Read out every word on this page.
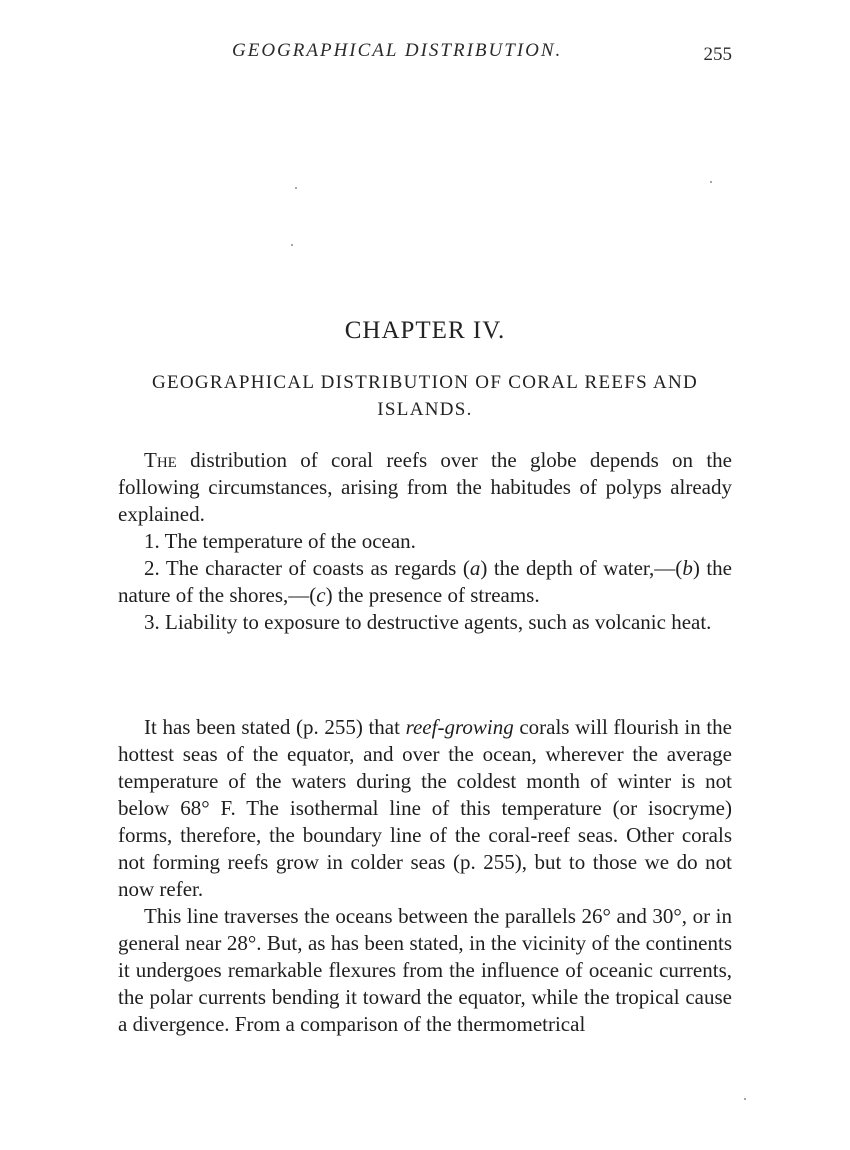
GEOGRAPHICAL DISTRIBUTION.	255
CHAPTER IV.
GEOGRAPHICAL DISTRIBUTION OF CORAL REEFS AND ISLANDS.

The distribution of coral reefs over the globe depends on the following circumstances, arising from the habitudes of polyps already explained.

1. The temperature of the ocean.

2. The character of coasts as regards (a) the depth of water,—(b) the nature of the shores,—(c) the presence of streams.

3. Liability to exposure to destructive agents, such as volcanic heat.

It has been stated (p. 255) that reef-growing corals will flourish in the hottest seas of the equator, and over the ocean, wherever the average temperature of the waters during the coldest month of winter is not below 68° F. The isothermal line of this temperature (or isocryme) forms, therefore, the boundary line of the coral-reef seas. Other corals not forming reefs grow in colder seas (p. 255), but to those we do not now refer.

This line traverses the oceans between the parallels 26° and 30°, or in general near 28°. But, as has been stated, in the vicinity of the continents it undergoes remarkable flexures from the influence of oceanic currents, the polar currents bending it toward the equator, while the tropical cause a divergence. From a comparison of the thermometrical
